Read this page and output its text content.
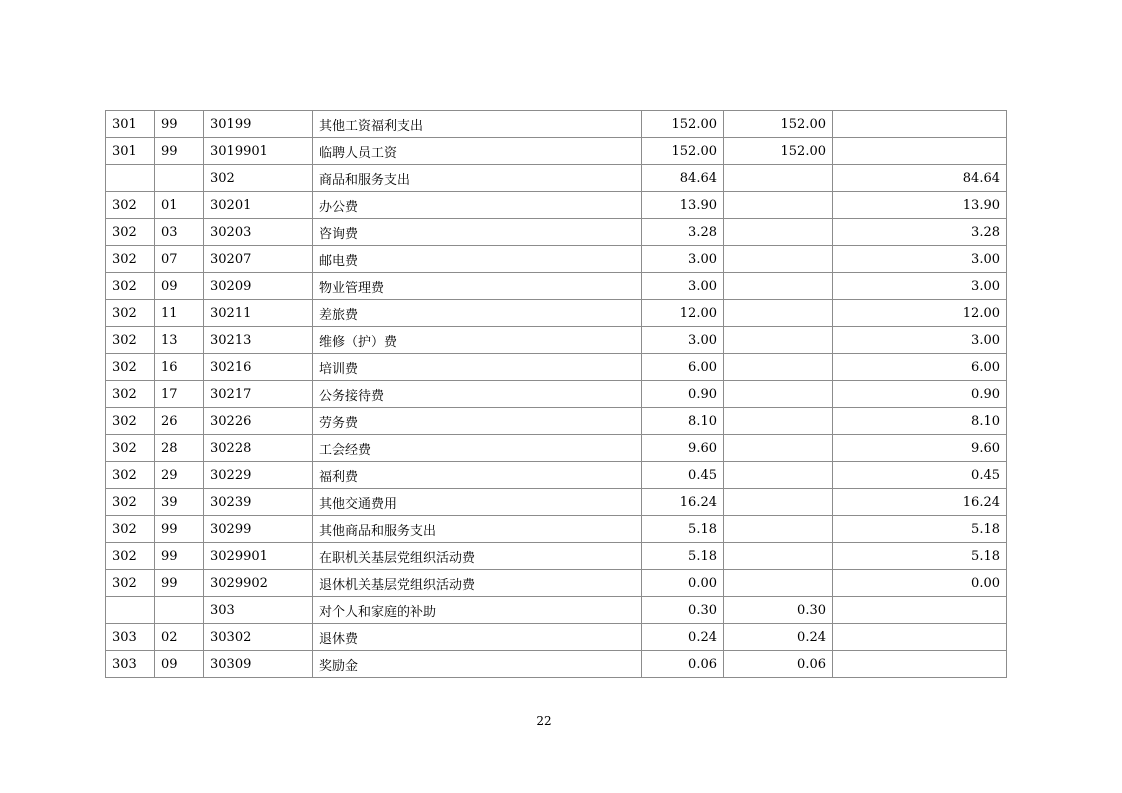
301	99	30199	其他工资福利支出	152.00	152.00	
301	99	3019901	临聘人员工资	152.00	152.00	
		302	商品和服务支出	84.64		84.64
302	01	30201	办公费	13.90		13.90
302	03	30203	咨询费	3.28		3.28
302	07	30207	邮电费	3.00		3.00
302	09	30209	物业管理费	3.00		3.00
302	11	30211	差旅费	12.00		12.00
302	13	30213	维修（护）费	3.00		3.00
302	16	30216	培训费	6.00		6.00
302	17	30217	公务接待费	0.90		0.90
302	26	30226	劳务费	8.10		8.10
302	28	30228	工会经费	9.60		9.60
302	29	30229	福利费	0.45		0.45
302	39	30239	其他交通费用	16.24		16.24
302	99	30299	其他商品和服务支出	5.18		5.18
302	99	3029901	在职机关基层党组织活动费	5.18		5.18
302	99	3029902	退休机关基层党组织活动费	0.00		0.00
		303	对个人和家庭的补助	0.30	0.30	
303	02	30302	退休费	0.24	0.24	
303	09	30309	奖励金	0.06	0.06	
22
